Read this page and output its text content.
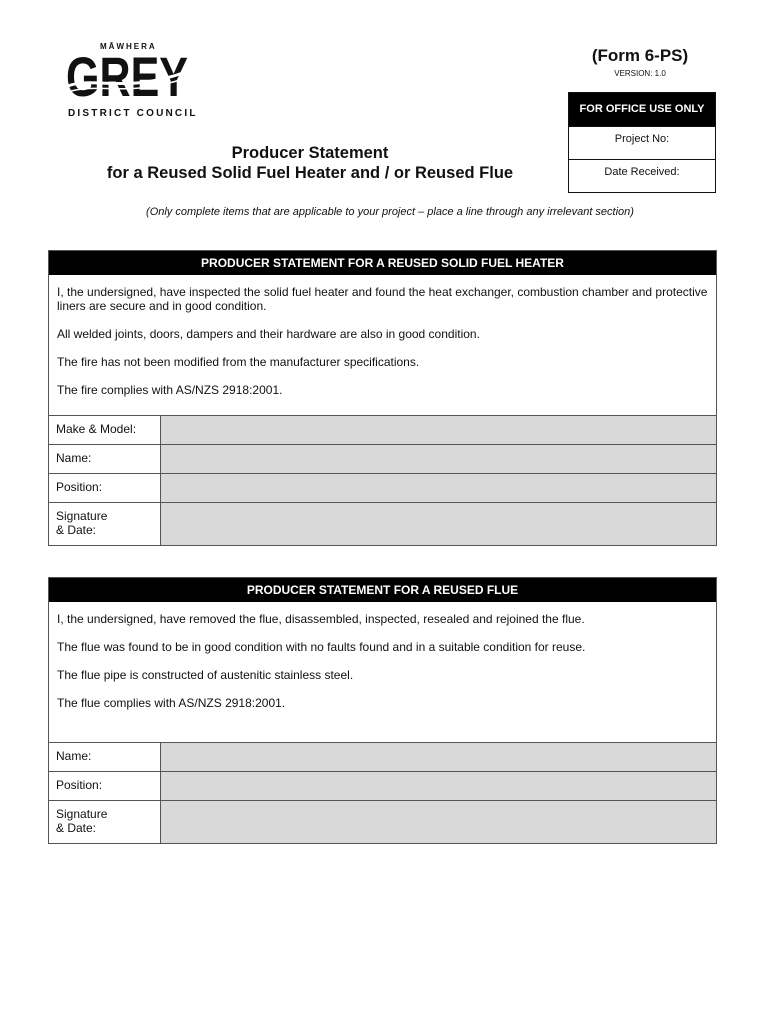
MĀWHERA
GREY
DISTRICT COUNCIL
(Form 6-PS)
VERSION: 1.0
FOR OFFICE USE ONLY
Project No:
Date Received:
Producer Statement
for a Reused Solid Fuel Heater and / or Reused Flue
(Only complete items that are applicable to your project – place a line through any irrelevant section)
PRODUCER STATEMENT FOR A REUSED SOLID FUEL HEATER

I, the undersigned, have inspected the solid fuel heater and found the heat exchanger, combustion chamber and protective liners are secure and in good condition.

All welded joints, doors, dampers and their hardware are also in good condition.

The fire has not been modified from the manufacturer specifications.

The fire complies with AS/NZS 2918:2001.

Make & Model:
Name:
Position:
Signature
& Date:
PRODUCER STATEMENT FOR A REUSED FLUE

I, the undersigned, have removed the flue, disassembled, inspected, resealed and rejoined the flue.

The flue was found to be in good condition with no faults found and in a suitable condition for reuse.

The flue pipe is constructed of austenitic stainless steel.

The flue complies with AS/NZS 2918:2001.

Name:
Position:
Signature
& Date:
